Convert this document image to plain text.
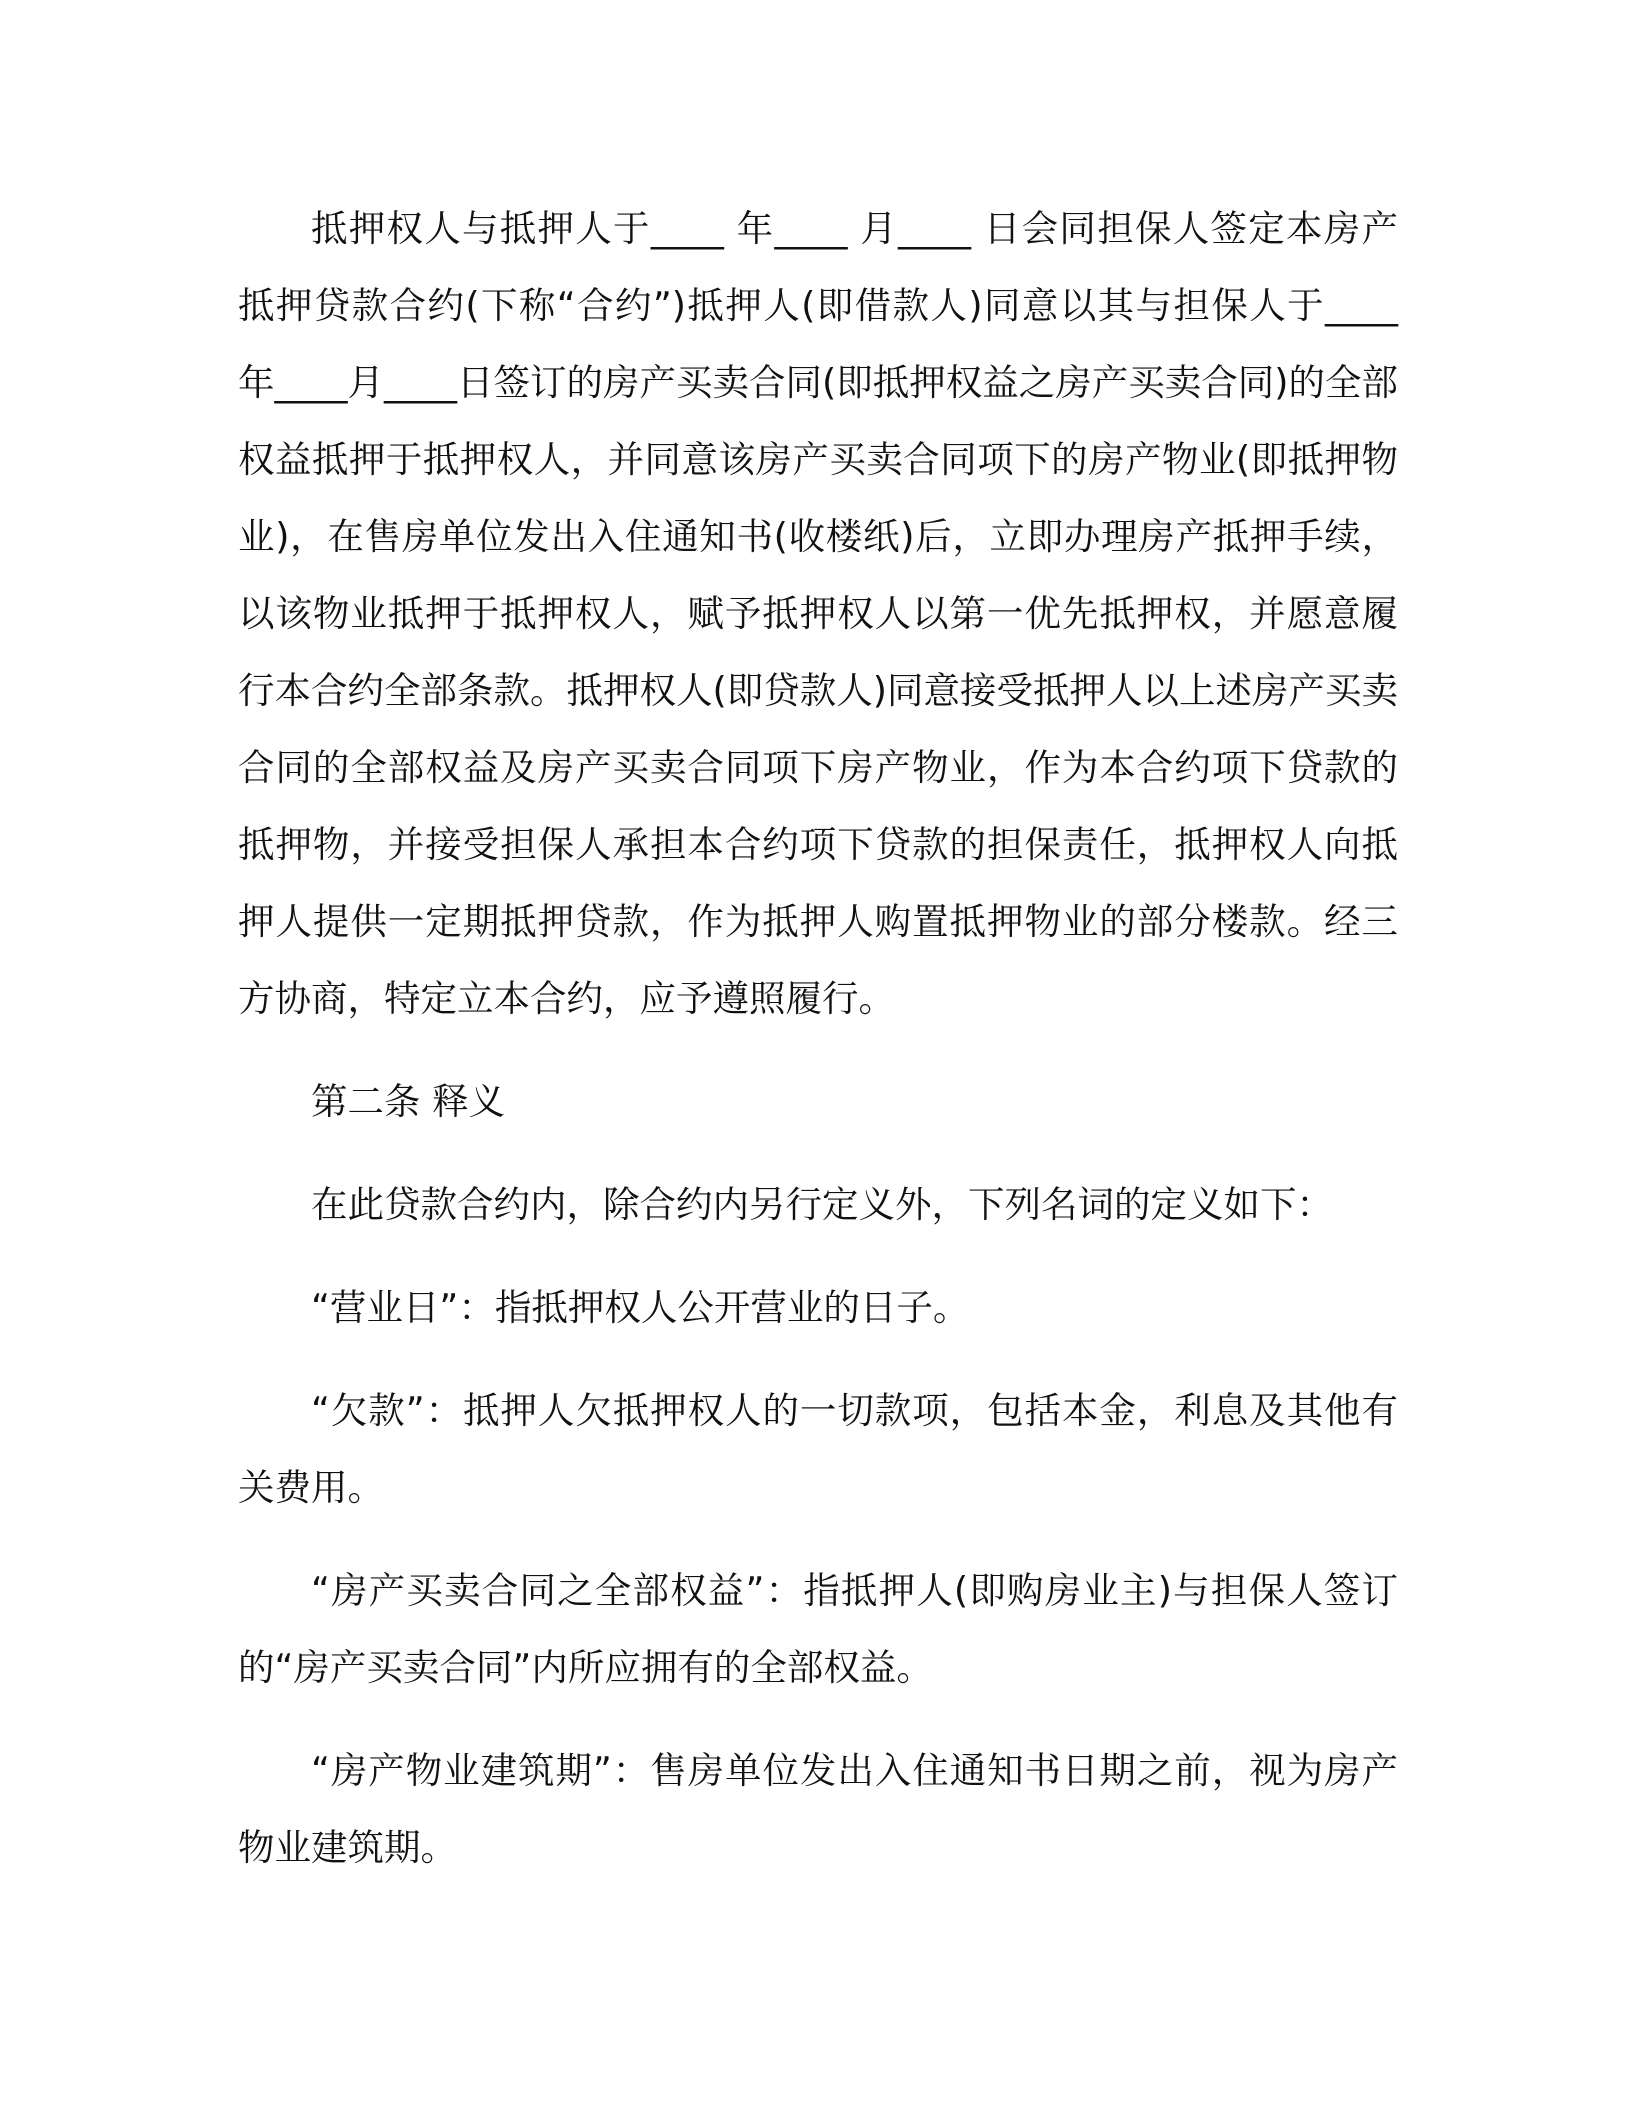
抵押权人与抵押人于____ 年____ 月____ 日会同担保人签定本房产抵押贷款合约(下称“合约”)抵押人(即借款人)同意以其与担保人于____ 年____月____日签订的房产买卖合同(即抵押权益之房产买卖合同)的全部权益抵押于抵押权人，并同意该房产买卖合同项下的房产物业(即抵押物业)，在售房单位发出入住通知书(收楼纸)后，立即办理房产抵押手续，以该物业抵押于抵押权人，赋予抵押权人以第一优先抵押权，并愿意履行本合约全部条款。抵押权人(即贷款人)同意接受抵押人以上述房产买卖合同的全部权益及房产买卖合同项下房产物业，作为本合约项下贷款的抵押物，并接受担保人承担本合约项下贷款的担保责任，抵押权人向抵押人提供一定期抵押贷款，作为抵押人购置抵押物业的部分楼款。经三方协商，特定立本合约，应予遵照履行。

第二条 释义

在此贷款合约内，除合约内另行定义外，下列名词的定义如下：

“营业日”：指抵押权人公开营业的日子。

“欠款”：抵押人欠抵押权人的一切款项，包括本金，利息及其他有关费用。

“房产买卖合同之全部权益”：指抵押人(即购房业主)与担保人签订的“房产买卖合同”内所应拥有的全部权益。

“房产物业建筑期”：售房单位发出入住通知书日期之前，视为房产物业建筑期。
